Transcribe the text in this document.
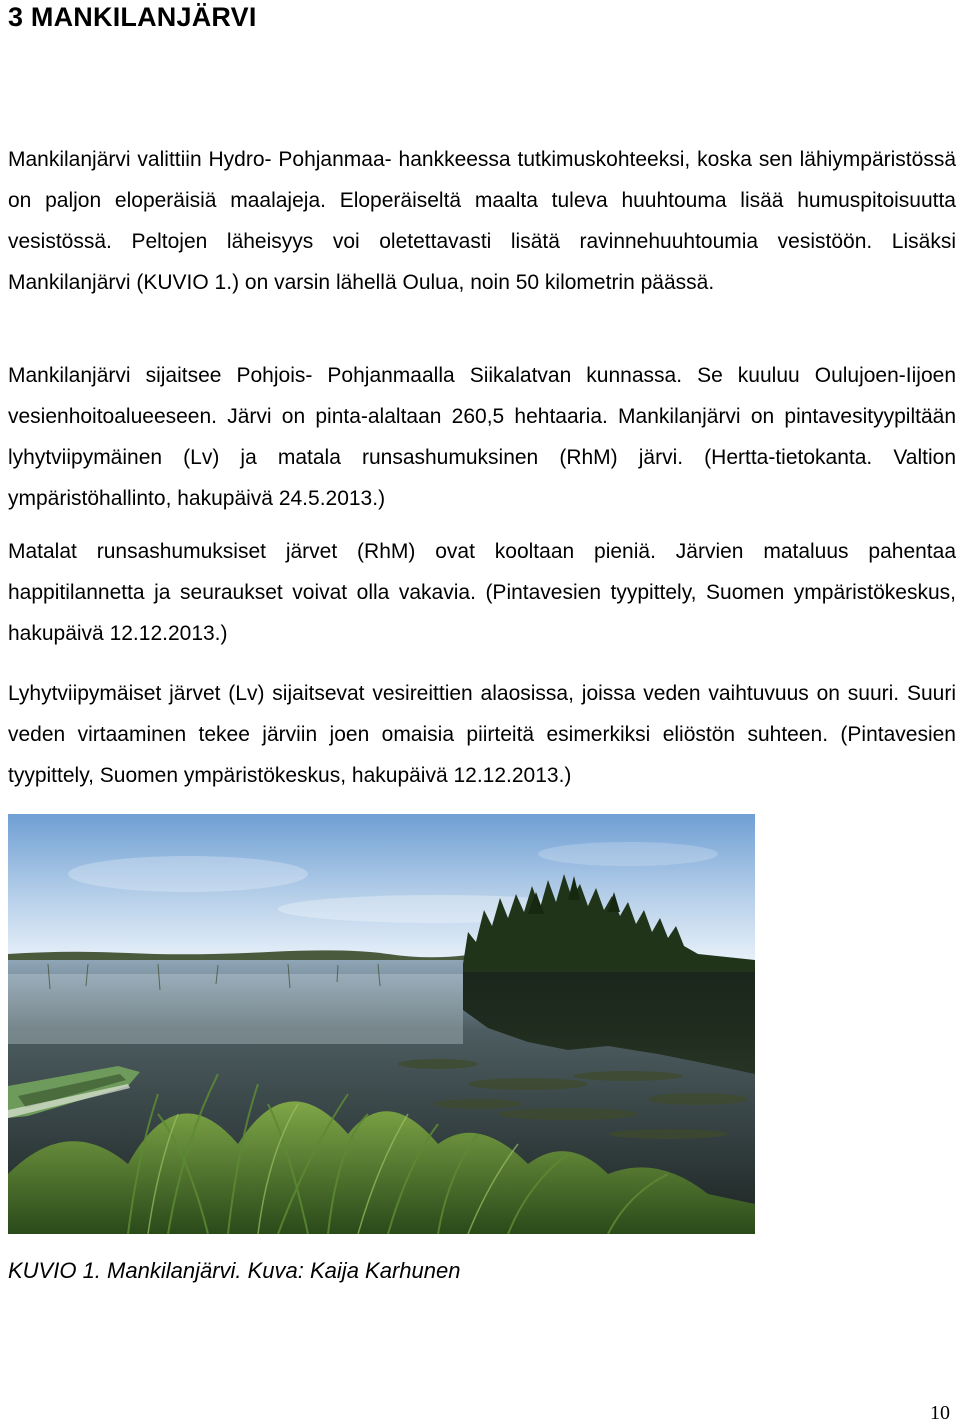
3 MANKILANJÄRVI

Mankilanjärvi valittiin Hydro- Pohjanmaa- hankkeessa tutkimuskohteeksi, koska sen lähiympäristössä on paljon eloperäisiä maalajeja. Eloperäiseltä maalta tuleva huuhtouma lisää humuspitoisuutta vesistössä. Peltojen läheisyys voi oletettavasti lisätä ravinnehuuhtoumia vesistöön. Lisäksi Mankilanjärvi (KUVIO 1.) on varsin lähellä Oulua, noin 50 kilometrin päässä.

Mankilanjärvi sijaitsee Pohjois- Pohjanmaalla Siikalatvan kunnassa. Se kuuluu Oulujoen-Iijoen vesienhoitoalueeseen. Järvi on pinta-alaltaan 260,5 hehtaaria. Mankilanjärvi on pintavesityypiltään lyhytviipymäinen (Lv) ja matala runsashumuksinen (RhM) järvi. (Hertta-tietokanta. Valtion ympäristöhallinto, hakupäivä 24.5.2013.)

Matalat runsashumuksiset järvet (RhM) ovat kooltaan pieniä. Järvien mataluus pahentaa happitilannetta ja seuraukset voivat olla vakavia. (Pintavesien tyypittely, Suomen ympäristökeskus, hakupäivä 12.12.2013.)

Lyhytviipymäiset järvet (Lv) sijaitsevat vesireittien alaosissa, joissa veden vaihtuvuus on suuri. Suuri veden virtaaminen tekee järviin joen omaisia piirteitä esimerkiksi eliöstön suhteen. (Pintavesien tyypittely, Suomen ympäristökeskus, hakupäivä 12.12.2013.)

KUVIO 1. Mankilanjärvi. Kuva: Kaija Karhunen

10
